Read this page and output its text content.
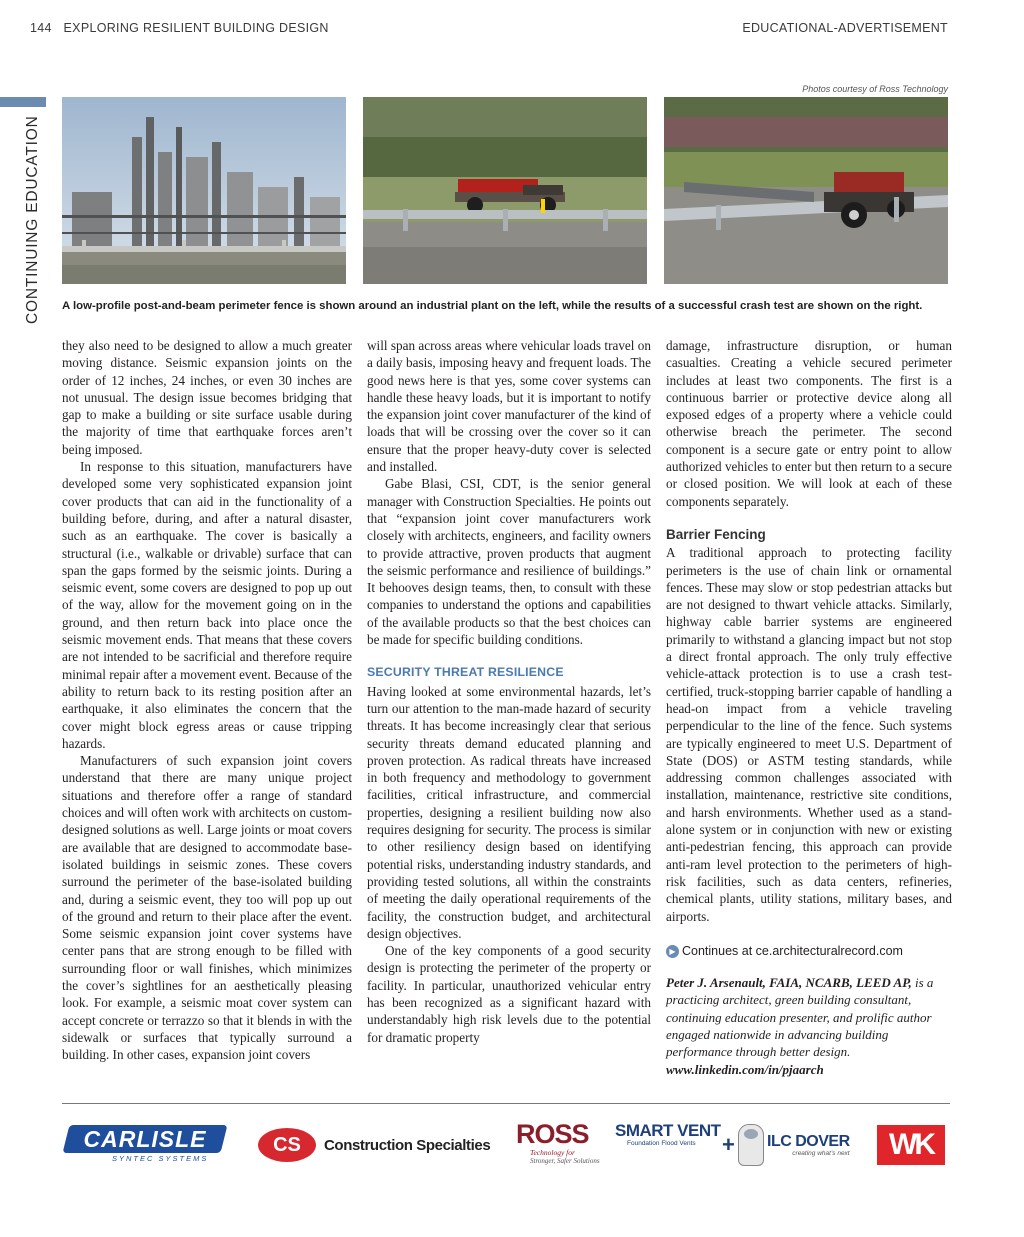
144 EXPLORING RESILIENT BUILDING DESIGN	EDUCATIONAL-ADVERTISEMENT
CONTINUING EDUCATION
Photos courtesy of Ross Technology
A low-profile post-and-beam perimeter fence is shown around an industrial plant on the left, while the results of a successful crash test are shown on the right.

they also need to be designed to allow a much greater moving distance. Seismic expansion joints on the order of 12 inches, 24 inches, or even 30 inches are not unusual. The design issue becomes bridging that gap to make a building or site surface usable during the majority of time that earthquake forces aren’t being imposed.

In response to this situation, manufacturers have developed some very sophisticated expansion joint cover products that can aid in the functionality of a building before, during, and after a natural disaster, such as an earthquake. The cover is basically a structural (i.e., walkable or drivable) surface that can span the gaps formed by the seismic joints. During a seismic event, some covers are designed to pop up out of the way, allow for the movement going on in the ground, and then return back into place once the seismic movement ends. That means that these covers are not intended to be sacrificial and therefore require minimal repair after a movement event. Because of the ability to return back to its resting position after an earthquake, it also eliminates the concern that the cover might block egress areas or cause tripping hazards.

Manufacturers of such expansion joint covers understand that there are many unique project situations and therefore offer a range of standard choices and will often work with architects on custom-designed solutions as well. Large joints or moat covers are available that are designed to accommodate base-isolated buildings in seismic zones. These covers surround the perimeter of the base-isolated building and, during a seismic event, they too will pop up out of the ground and return to their place after the event. Some seismic expansion joint cover systems have center pans that are strong enough to be filled with surrounding floor or wall finishes, which minimizes the cover’s sightlines for an aesthetically pleasing look. For example, a seismic moat cover system can accept concrete or terrazzo so that it blends in with the sidewalk or surfaces that typically surround a building. In other cases, expansion joint covers

will span across areas where vehicular loads travel on a daily basis, imposing heavy and frequent loads. The good news here is that yes, some cover systems can handle these heavy loads, but it is important to notify the expansion joint cover manufacturer of the kind of loads that will be crossing over the cover so it can ensure that the proper heavy-duty cover is selected and installed.

Gabe Blasi, CSI, CDT, is the senior general manager with Construction Specialties. He points out that “expansion joint cover manufacturers work closely with architects, engineers, and facility owners to provide attractive, proven products that augment the seismic performance and resilience of buildings.” It behooves design teams, then, to consult with these companies to understand the options and capabilities of the available products so that the best choices can be made for specific building conditions.

SECURITY THREAT RESILIENCE

Having looked at some environmental hazards, let’s turn our attention to the man-made hazard of security threats. It has become increasingly clear that serious security threats demand educated planning and proven protection. As radical threats have increased in both frequency and methodology to government facilities, critical infrastructure, and commercial properties, designing a resilient building now also requires designing for security. The process is similar to other resiliency design based on identifying potential risks, understanding industry standards, and providing tested solutions, all within the constraints of meeting the daily operational requirements of the facility, the construction budget, and architectural design objectives.

One of the key components of a good security design is protecting the perimeter of the property or facility. In particular, unauthorized vehicular entry has been recognized as a significant hazard with understandably high risk levels due to the potential for dramatic property

damage, infrastructure disruption, or human casualties. Creating a vehicle secured perimeter includes at least two components. The first is a continuous barrier or protective device along all exposed edges of a property where a vehicle could otherwise breach the perimeter. The second component is a secure gate or entry point to allow authorized vehicles to enter but then return to a secure or closed position. We will look at each of these components separately.

Barrier Fencing

A traditional approach to protecting facility perimeters is the use of chain link or ornamental fences. These may slow or stop pedestrian attacks but are not designed to thwart vehicle attacks. Similarly, highway cable barrier systems are engineered primarily to withstand a glancing impact but not stop a direct frontal approach. The only truly effective vehicle-attack protection is to use a crash test-certified, truck-stopping barrier capable of handling a head-on impact from a vehicle traveling perpendicular to the line of the fence. Such systems are typically engineered to meet U.S. Department of State (DOS) or ASTM testing standards, while addressing common challenges associated with installation, maintenance, restrictive site conditions, and harsh environments. Whether used as a stand-alone system or in conjunction with new or existing anti-pedestrian fencing, this approach can provide anti-ram level protection to the perimeters of high-risk facilities, such as data centers, refineries, chemical plants, utility stations, military bases, and airports.

▶ Continues at ce.architecturalrecord.com
Peter J. Arsenault, FAIA, NCARB, LEED AP, is a practicing architect, green building consultant, continuing education presenter, and prolific author engaged nationwide in advancing building performance through better design. www.linkedin.com/in/pjaarch
CARLISLE
SYNTEC SYSTEMS
CS	Construction Specialties ROSS
Technology for
Stronger, Safer Solutions
SMART VENT
Foundation Flood Vents + ILC DOVER
creating what’s next	WK
